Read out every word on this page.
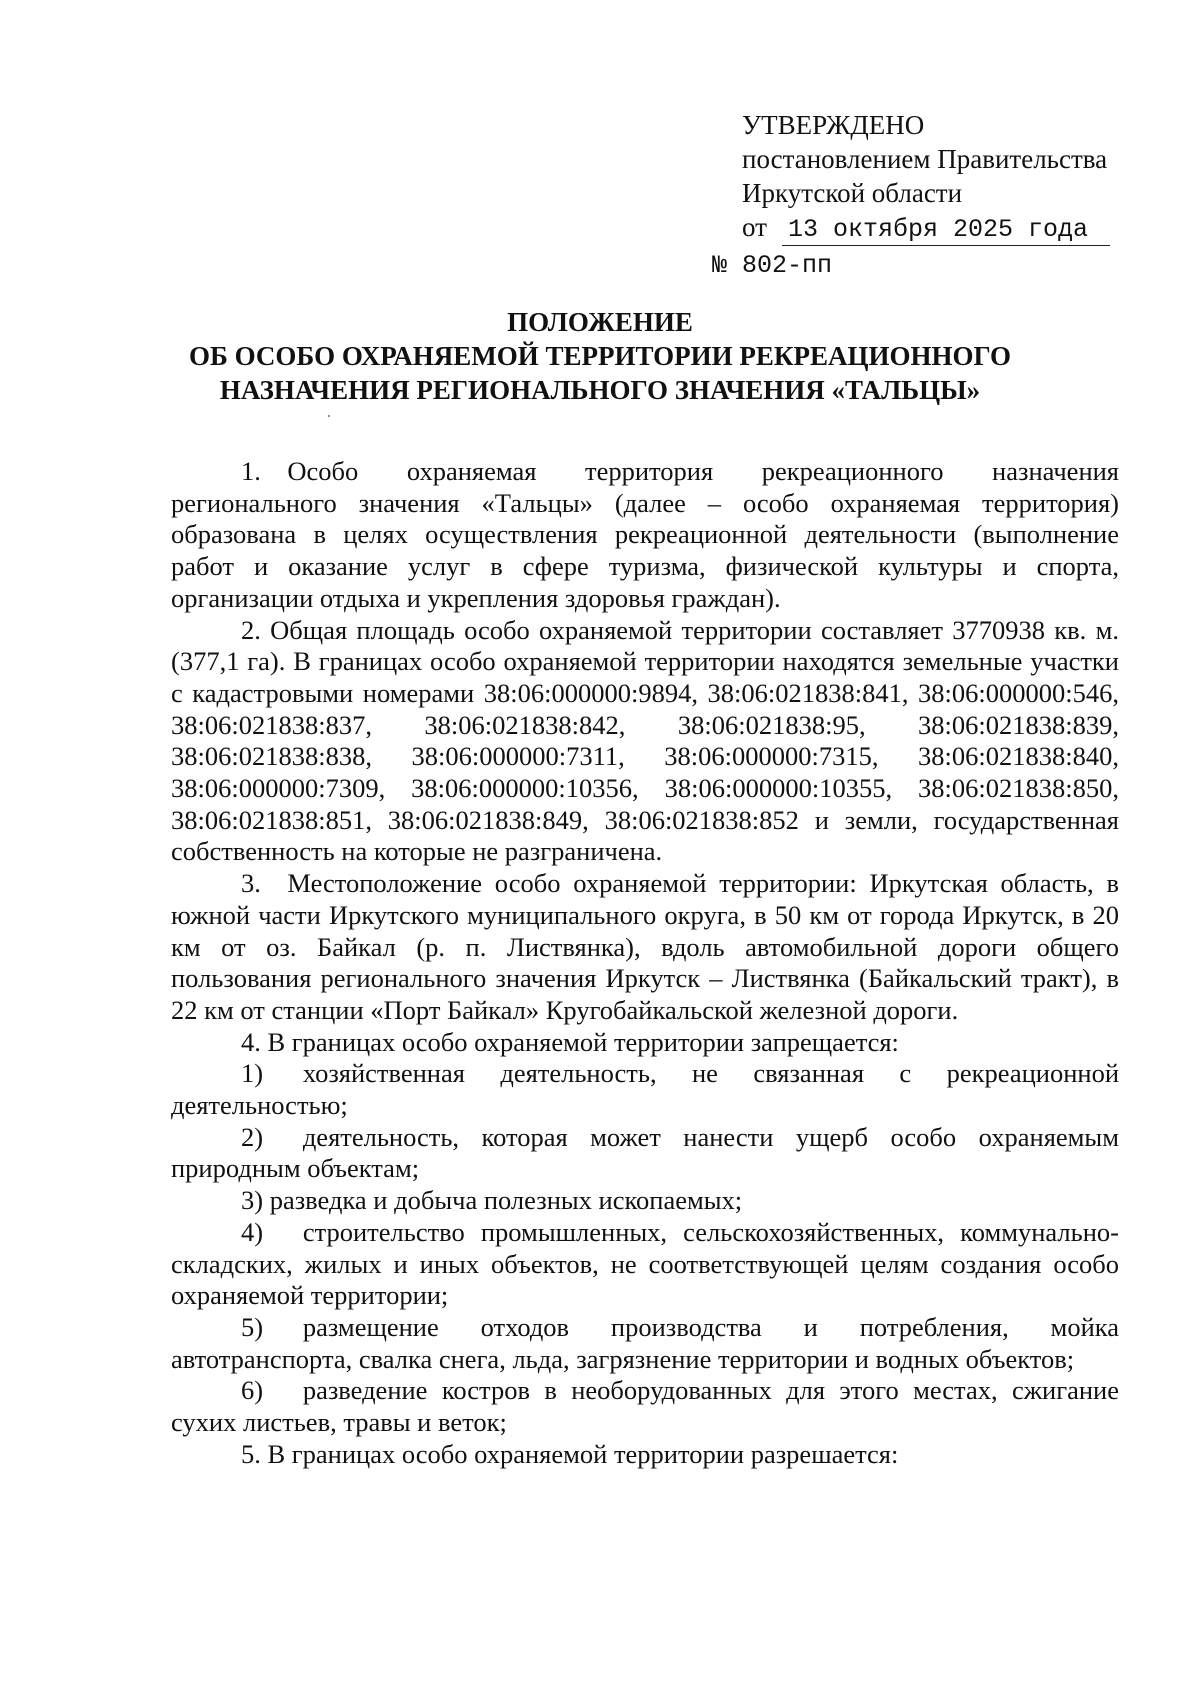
УТВЕРЖДЕНО
постановлением Правительства
Иркутской области
от 13 октября 2025 года
№ 802-пп
ПОЛОЖЕНИЕ
ОБ ОСОБО ОХРАНЯЕМОЙ ТЕРРИТОРИИ РЕКРЕАЦИОННОГО
НАЗНАЧЕНИЯ РЕГИОНАЛЬНОГО ЗНАЧЕНИЯ «ТАЛЬЦЫ»

1. Особо охраняемая территория рекреационного назначения регионального значения «Тальцы» (далее – особо охраняемая территория) образована в целях осуществления рекреационной деятельности (выполнение работ и оказание услуг в сфере туризма, физической культуры и спорта, организации отдыха и укрепления здоровья граждан).

2. Общая площадь особо охраняемой территории составляет 3770938 кв. м. (377,1 га). В границах особо охраняемой территории находятся земельные участки с кадастровыми номерами 38:06:000000:9894, 38:06:021838:841, 38:06:000000:546, 38:06:021838:837, 38:06:021838:842, 38:06:021838:95, 38:06:021838:839, 38:06:021838:838, 38:06:000000:7311, 38:06:000000:7315, 38:06:021838:840, 38:06:000000:7309, 38:06:000000:10356, 38:06:000000:10355, 38:06:021838:850, 38:06:021838:851, 38:06:021838:849, 38:06:021838:852 и земли, государственная собственность на которые не разграничена.

3. Местоположение особо охраняемой территории: Иркутская область, в южной части Иркутского муниципального округа, в 50 км от города Иркутск, в 20 км от оз. Байкал (р. п. Листвянка), вдоль автомобильной дороги общего пользования регионального значения Иркутск – Листвянка (Байкальский тракт), в 22 км от станции «Порт Байкал» Кругобайкальской железной дороги.

4. В границах особо охраняемой территории запрещается:

1)  хозяйственная деятельность, не связанная с рекреационной деятельностью;

2)  деятельность, которая может нанести ущерб особо охраняемым природным объектам;

3) разведка и добыча полезных ископаемых;

4)  строительство промышленных, сельскохозяйственных, коммунально- складских, жилых и иных объектов, не соответствующей целям создания особо охраняемой территории;

5)  размещение отходов производства и потребления, мойка автотранспорта, свалка снега, льда, загрязнение территории и водных объектов;

6)  разведение костров в необорудованных для этого местах, сжигание сухих листьев, травы и веток;

5. В границах особо охраняемой территории разрешается:
